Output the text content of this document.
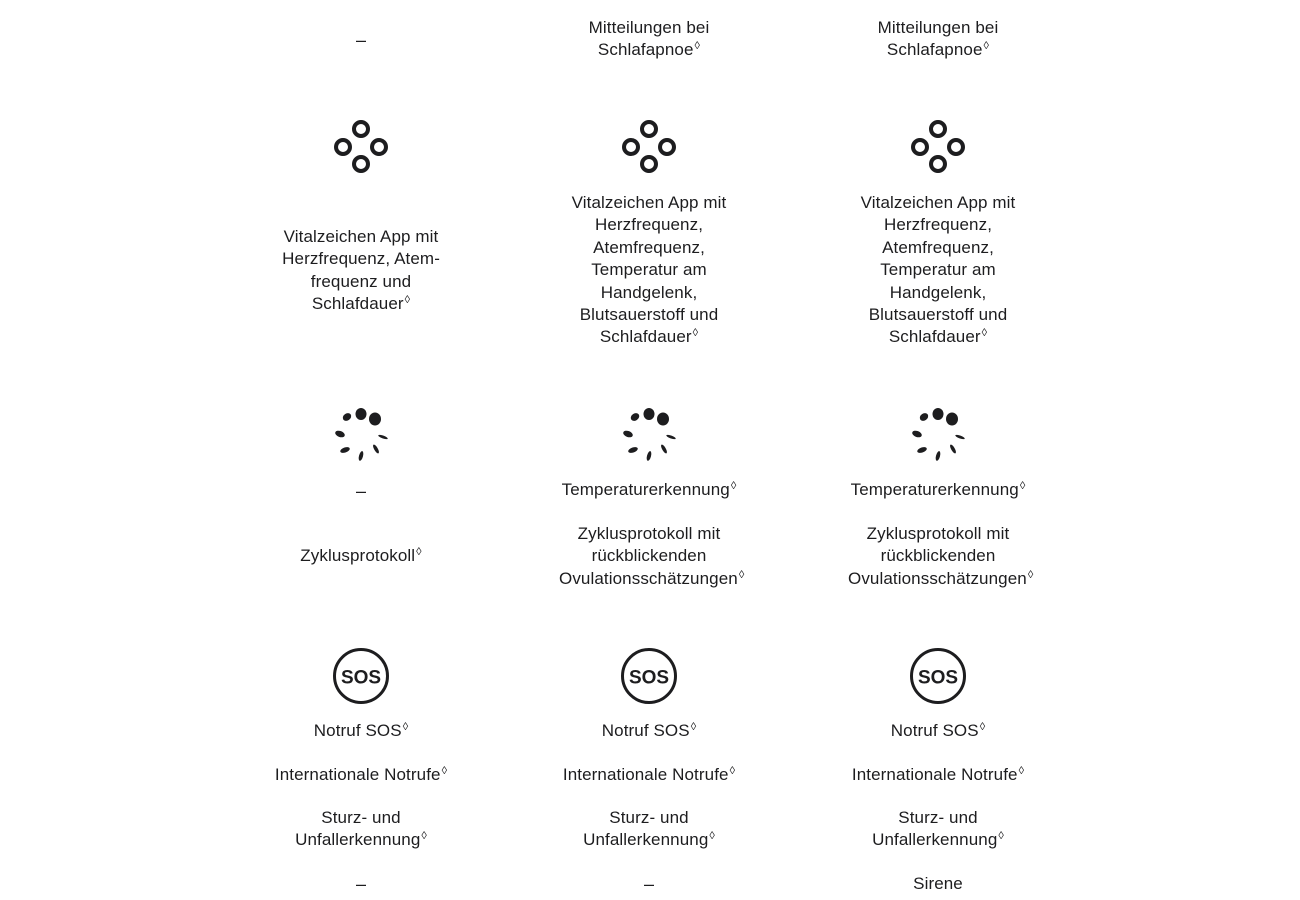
–
Vitalzeichen App mit Herzfrequenz, Atemfrequenz und Schlafdauer◊
–
Zyklusprotokoll◊
SOS
Notruf SOS◊
Internationale Notrufe◊
Sturz- und Unfallerkennung◊
–
Mitteilungen bei Schlafapnoe◊
Vitalzeichen App mit Herzfrequenz, Atemfrequenz, Temperatur am Handgelenk, Blutsauerstoff und Schlafdauer◊
Temperaturerkennung◊
Zyklusprotokoll mit rückblickenden Ovulationsschätzungen◊
SOS
Notruf SOS◊
Internationale Notrufe◊
Sturz- und Unfallerkennung◊
–
Mitteilungen bei Schlafapnoe◊
Vitalzeichen App mit Herzfrequenz, Atemfrequenz, Temperatur am Handgelenk, Blutsauerstoff und Schlafdauer◊
Temperaturerkennung◊
Zyklusprotokoll mit rückblickenden Ovulationsschätzungen◊
SOS
Notruf SOS◊
Internationale Notrufe◊
Sturz- und Unfallerkennung◊
Sirene
